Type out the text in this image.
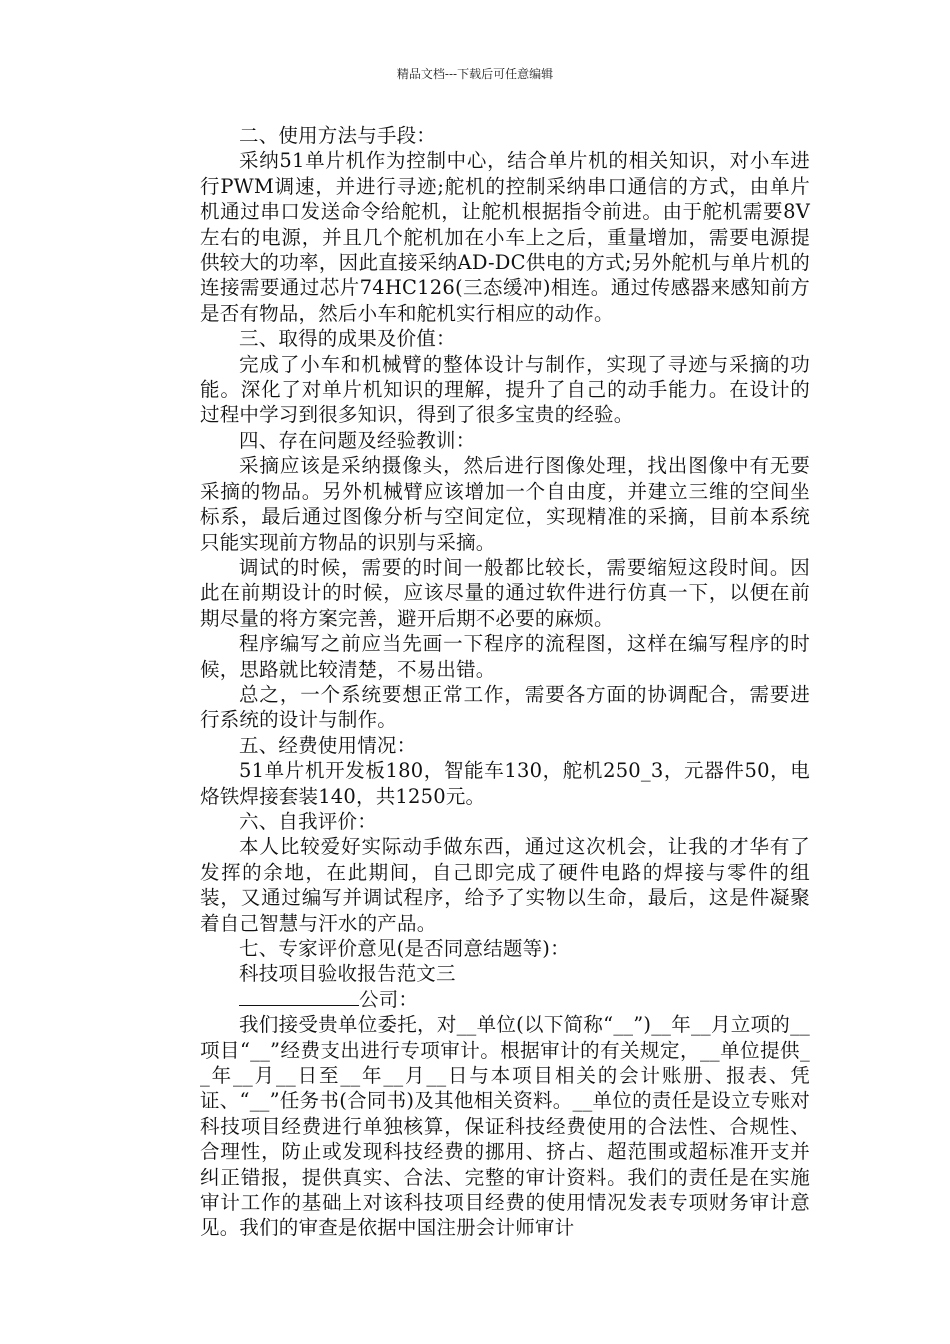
精品文档---下载后可任意编辑

二、使用方法与手段：

采纳51单片机作为控制中心，结合单片机的相关知识，对小车进行PWM调速，并进行寻迹;舵机的控制采纳串口通信的方式，由单片机通过串口发送命令给舵机，让舵机根据指令前进。由于舵机需要8V左右的电源，并且几个舵机加在小车上之后，重量增加，需要电源提供较大的功率，因此直接采纳AD-DC供电的方式;另外舵机与单片机的连接需要通过芯片74HC126(三态缓冲)相连。通过传感器来感知前方是否有物品，然后小车和舵机实行相应的动作。

三、取得的成果及价值：

完成了小车和机械臂的整体设计与制作，实现了寻迹与采摘的功能。深化了对单片机知识的理解，提升了自己的动手能力。在设计的过程中学习到很多知识，得到了很多宝贵的经验。

四、存在问题及经验教训：

采摘应该是采纳摄像头，然后进行图像处理，找出图像中有无要采摘的物品。另外机械臂应该增加一个自由度，并建立三维的空间坐标系，最后通过图像分析与空间定位，实现精准的采摘，目前本系统只能实现前方物品的识别与采摘。

调试的时候，需要的时间一般都比较长，需要缩短这段时间。因此在前期设计的时候，应该尽量的通过软件进行仿真一下，以便在前期尽量的将方案完善，避开后期不必要的麻烦。

程序编写之前应当先画一下程序的流程图，这样在编写程序的时候，思路就比较清楚，不易出错。

总之，一个系统要想正常工作，需要各方面的协调配合，需要进行系统的设计与制作。

五、经费使用情况：

51单片机开发板180，智能车130，舵机250_3，元器件50，电烙铁焊接套装140，共1250元。

六、自我评价：

本人比较爱好实际动手做东西，通过这次机会，让我的才华有了发挥的余地，在此期间，自己即完成了硬件电路的焊接与零件的组装，又通过编写并调试程序，给予了实物以生命，最后，这是件凝聚着自己智慧与汗水的产品。

七、专家评价意见(是否同意结题等)：

科技项目验收报告范文三

公司：

我们接受贵单位委托，对__单位(以下简称“__”)__年__月立项的__项目“__”经费支出进行专项审计。根据审计的有关规定，__单位提供__年__月__日至__年__月__日与本项目相关的会计账册、报表、凭证、“__”任务书(合同书)及其他相关资料。__单位的责任是设立专账对科技项目经费进行单独核算，保证科技经费使用的合法性、合规性、合理性，防止或发现科技经费的挪用、挤占、超范围或超标准开支并纠正错报，提供真实、合法、完整的审计资料。我们的责任是在实施审计工作的基础上对该科技项目经费的使用情况发表专项财务审计意见。我们的审查是依据中国注册会计师审计
